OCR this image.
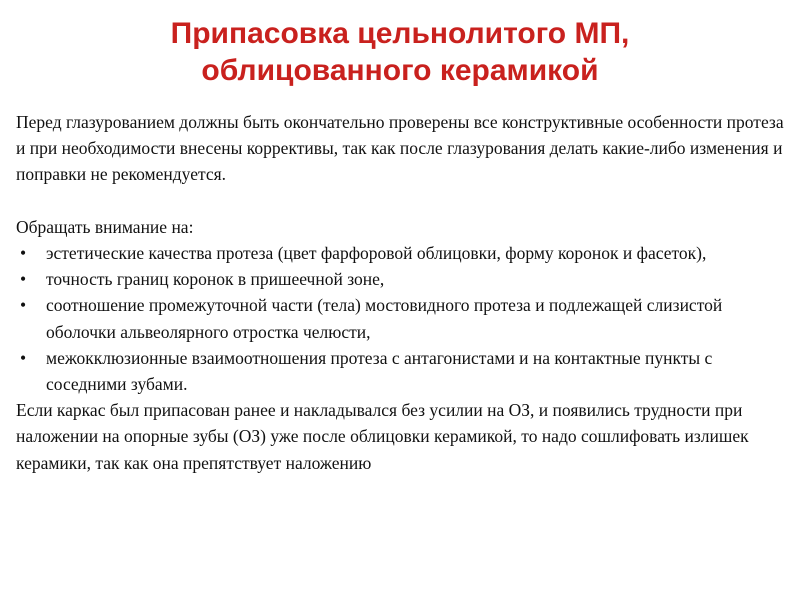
Припасовка цельнолитого МП,
облицованного керамикой

Перед глазурованием должны быть окончательно проверены все конструктивные особенности протеза и при необходимости внесены коррективы, так как после глазурования делать какие-либо изменения и поправки не рекомендуется.

Обращать внимание на:

• эстетические качества протеза (цвет фарфоровой облицовки, форму коронок и фасеток),
• точность границ коронок в пришеечной зоне,
• соотношение промежуточной части (тела) мостовидного протеза и подлежащей слизистой оболочки альвеолярного отростка челюсти,
• межокклюзионные взаимоотношения протеза с антагонистами и на контактные пункты с соседними зубами.

Если каркас был припасован ранее и накладывался без усилии на ОЗ, и появились трудности при наложении на опорные зубы (ОЗ) уже после облицовки керамикой, то надо сошлифовать излишек керамики, так как она препятствует наложению
